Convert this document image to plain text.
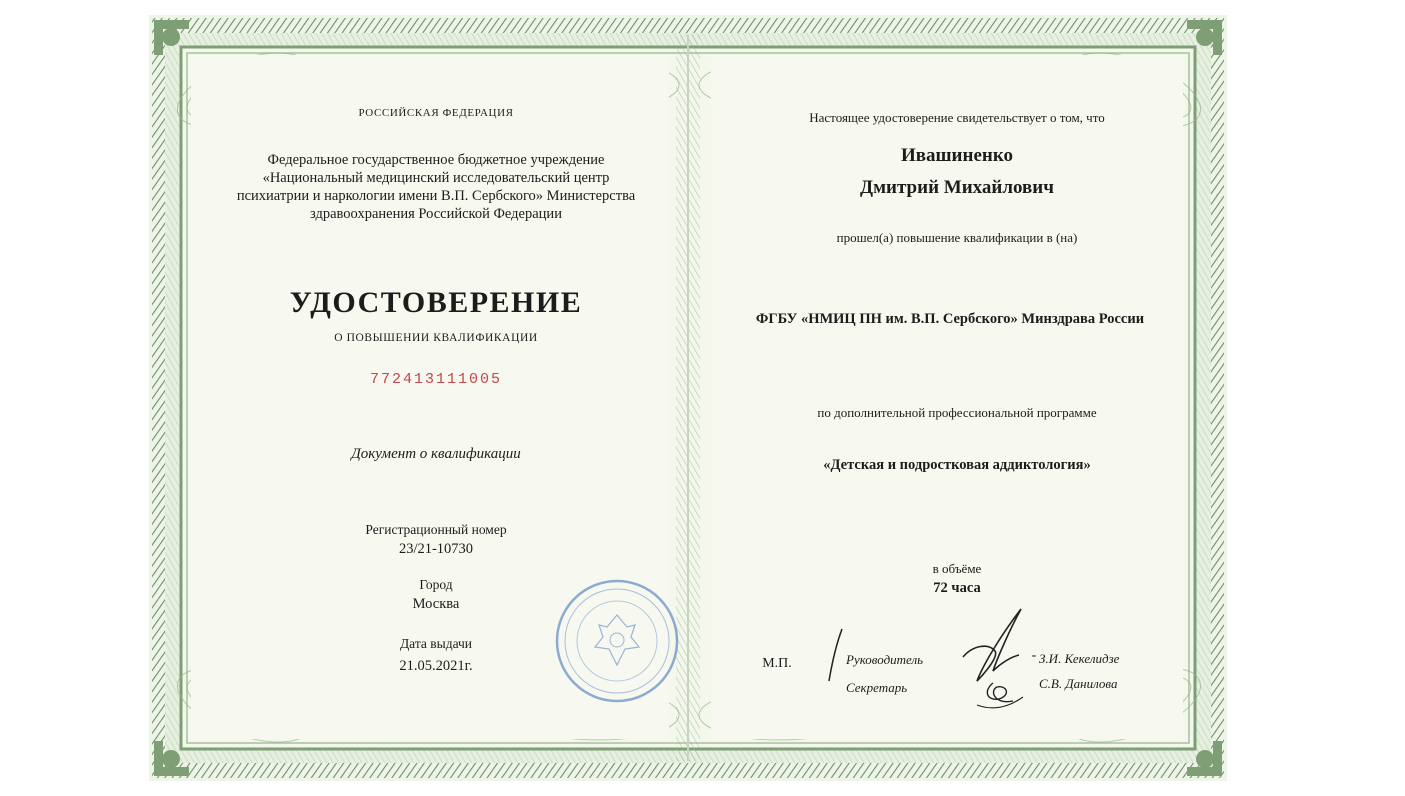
РОССИЙСКАЯ ФЕДЕРАЦИЯ
Федеральное государственное бюджетное учреждение
«Национальный медицинский исследовательский центр
психиатрии и наркологии имени В.П. Сербского» Министерства
здравоохранения Российской Федерации
УДОСТОВЕРЕНИЕ
О ПОВЫШЕНИИ КВАЛИФИКАЦИИ
772413111005
Документ о квалификации
Регистрационный номер
23/21-10730
Город
Москва
Дата выдачи
21.05.2021г.
Настоящее удостоверение свидетельствует о том, что
Ивашиненко
Дмитрий Михайлович
прошел(а) повышение квалификации в (на)
ФГБУ «НМИЦ ПН им. В.П. Сербского» Минздрава России
по дополнительной профессиональной программе
«Детская и подростковая аддиктология»
в объёме
72 часа
М.П.	Руководитель
Секретарь
- З.И. Кекелидзе
С.В. Данилова
